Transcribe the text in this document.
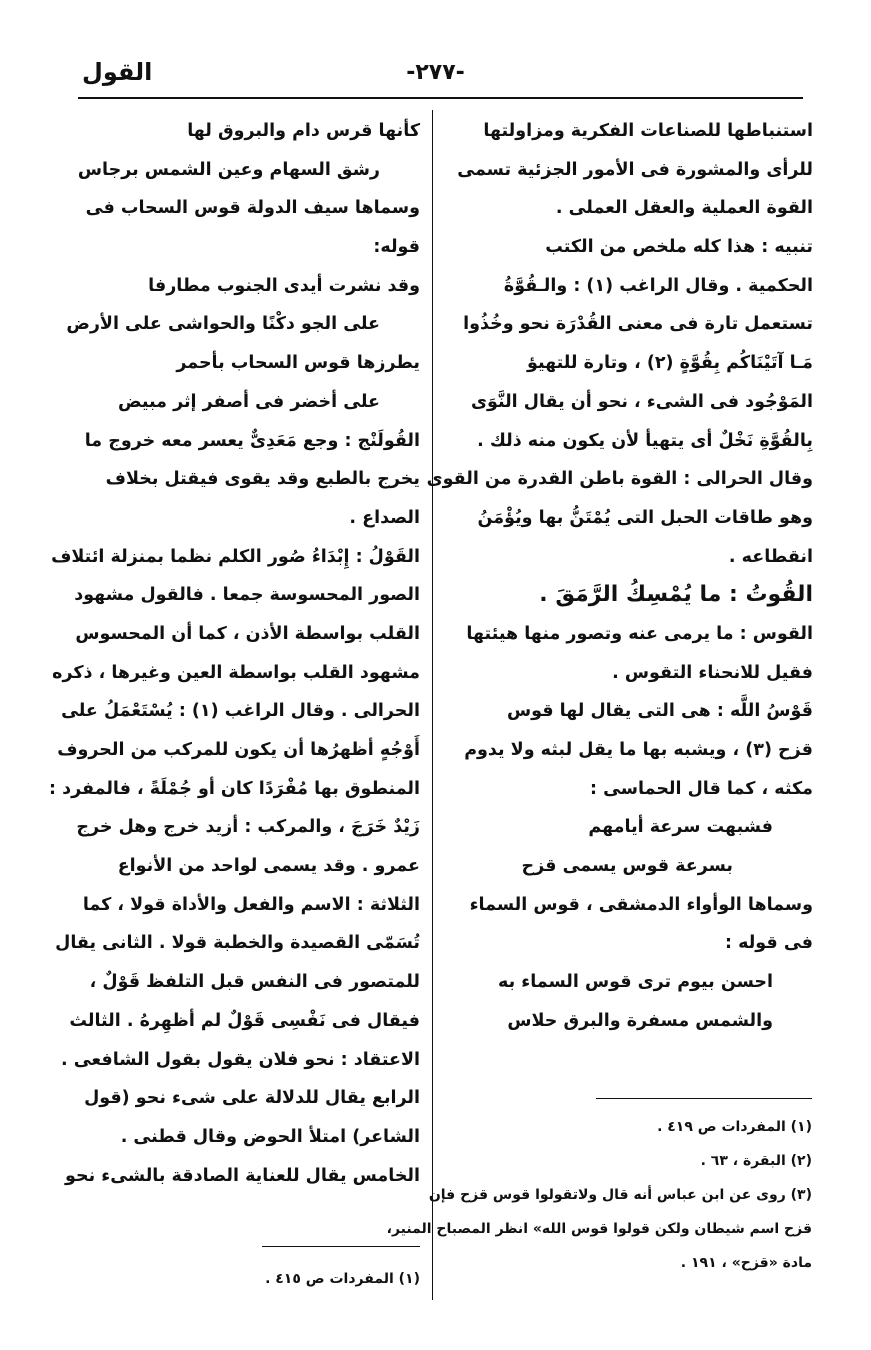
القول	-٢٧٧-
استنباطها للصناعات الفكرية ومزاولتها
للرأى والمشورة فى الأمور الجزئية تسمى
القوة العملية والعقل العملى .
تنبيه : هذا كله ملخص من الكتب
الحكمية . وقال الراغب (١) : والـقُوَّةُ
تستعمل تارة فى معنى القُدْرَة نحو وخُذُوا
مَـا آتَيْنَاكُم بِقُوَّةٍ (٢) ، وتارة للتهيؤ
المَوْجُود فى الشىء ، نحو أن يقال النَّوَى
بِالقُوَّةِ نَخْلٌ أى يتهيأ لأن يكون منه ذلك .
وقال الحرالى : القوة باطن القدرة من القوى
وهو طاقات الحبل التى يُمْتَنُّ بها ويُؤْمَنُ
انقطاعه .
القُوتُ : ما يُمْسِكُ الرَّمَقَ .
القوس : ما يرمى عنه وتصور منها هيئتها
فقيل للانحناء التقوس .
قَوْسُ اللَّه : هى التى يقال لها قوس
قزح (٣) ، ويشبه بها ما يقل لبثه ولا يدوم
مكثه ، كما قال الحماسى :
فشبهت سرعة أيامهم
بسرعة قوس يسمى قزح
وسماها الوأواء الدمشقى ، قوس السماء
فى قوله :
احسن بيوم ترى قوس السماء به
والشمس مسفرة والبرق حلاس
كأنها قرس دام والبروق لها
رشق السهام وعين الشمس برجاس
وسماها سيف الدولة قوس السحاب فى
قوله:
وقد نشرت أيدى الجنوب مطارفا
على الجو دكْنًا والحواشى على الأرض
يطرزها قوس السحاب بأحمر
على أخضر فى أصفر إثر مبيض
القُولَنْج : وجع مَعَدِىٌّ يعسر معه خروج ما
يخرج بالطبع وقد يقوى فيقتل بخلاف
الصداع .
القَوْلُ : إِبْدَاءُ صُور الكلم نظما بمنزلة ائتلاف
الصور المحسوسة جمعا . فالقول مشهود
القلب بواسطة الأذن ، كما أن المحسوس
مشهود القلب بواسطة العين وغيرها ، ذكره
الحرالى . وقال الراغب (١) : يُسْتَعْمَلُ على
أَوْجُهٍ أظهرُها أن يكون للمركب من الحروف
المنطوق بها مُفْرَدًا كان أو جُمْلَةً ، فالمفرد :
زَيْدٌ خَرَجَ ، والمركب : أزيد خرج وهل خرج
عمرو . وقد يسمى لواحد من الأنواع
الثلاثة : الاسم والفعل والأداة قولا ، كما
تُسَمّى القصيدة والخطبة قولا . الثانى يقال
للمتصور فى النفس قبل التلفظ قَوْلٌ ،
فيقال فى نَفْسِى قَوْلٌ لم أظهِرهُ . الثالث
الاعتقاد : نحو فلان يقول بقول الشافعى .
الرابع يقال للدلالة على شىء نحو (قول
الشاعر) امتلأ الحوض وقال قطنى .
الخامس يقال للعناية الصادقة بالشىء نحو
(١) المفردات ص ٤١٩ .
(٢) البقرة ، ٦٣ .
(٣) روى عن ابن عباس أنه قال ولاتقولوا قوس قزح فإن
قزح اسم شيطان ولكن قولوا قوس الله» انظر المصباح المنير،
مادة «قزح» ، ١٩١ .
(١) المفردات ص ٤١٥ .
